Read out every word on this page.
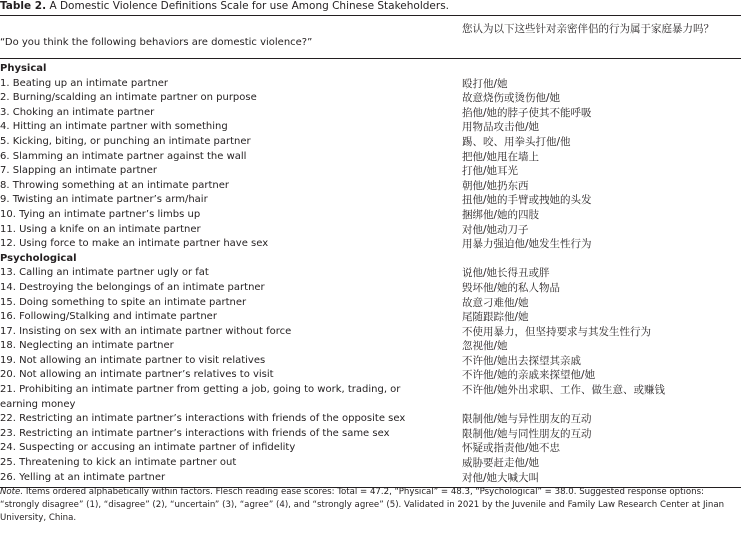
Table 2. A Domestic Violence Definitions Scale for use Among Chinese Stakeholders.
“Do you think the following behaviors are domestic violence?”
您认为以下这些针对亲密伴侣的行为属于家庭暴力吗？
Physical
1. Beating up an intimate partner	殴打他/她
2. Burning/scalding an intimate partner on purpose	故意烧伤或烫伤他/她
3. Choking an intimate partner	掐他/她的脖子使其不能呼吸
4. Hitting an intimate partner with something	用物品攻击他/她
5. Kicking, biting, or punching an intimate partner	踢、咬、用拳头打他/他
6. Slamming an intimate partner against the wall	把他/她甩在墙上
7. Slapping an intimate partner	打他/她耳光
8. Throwing something at an intimate partner	朝他/她扔东西
9. Twisting an intimate partner’s arm/hair	扭他/她的手臂或拽她的头发
10. Tying an intimate partner’s limbs up	捆绑他/她的四肢
11. Using a knife on an intimate partner	对他/她动刀子
12. Using force to make an intimate partner have sex	用暴力强迫他/她发生性行为
Psychological
13. Calling an intimate partner ugly or fat	说他/她长得丑或胖
14. Destroying the belongings of an intimate partner	毁坏他/她的私人物品
15. Doing something to spite an intimate partner	故意刁难他/她
16. Following/Stalking and intimate partner	尾随跟踪他/她
17. Insisting on sex with an intimate partner without force	不使用暴力，但坚持要求与其发生性行为
18. Neglecting an intimate partner	忽视他/她
19. Not allowing an intimate partner to visit relatives	不许他/她出去探望其亲戚
20. Not allowing an intimate partner’s relatives to visit	不许他/她的亲戚来探望他/她
21. Prohibiting an intimate partner from getting a job, going to work, trading, or
earning money
不许他/她外出求职、工作、做生意、或赚钱
22. Restricting an intimate partner’s interactions with friends of the opposite sex	限制他/她与异性朋友的互动
23. Restricting an intimate partner’s interactions with friends of the same sex	限制他/她与同性朋友的互动
24. Suspecting or accusing an intimate partner of infidelity	怀疑或指责他/她不忠
25. Threatening to kick an intimate partner out	威胁要赶走他/她
26. Yelling at an intimate partner	对他/她大喊大叫
Note. Items ordered alphabetically within factors. Flesch reading ease scores: Total = 47.2, “Physical” = 48.3, “Psychological” = 38.0. Suggested response options: “strongly disagree” (1), “disagree” (2), “uncertain” (3), “agree” (4), and “strongly agree” (5). Validated in 2021 by the Juvenile and Family Law Research Center at Jinan University, China.
